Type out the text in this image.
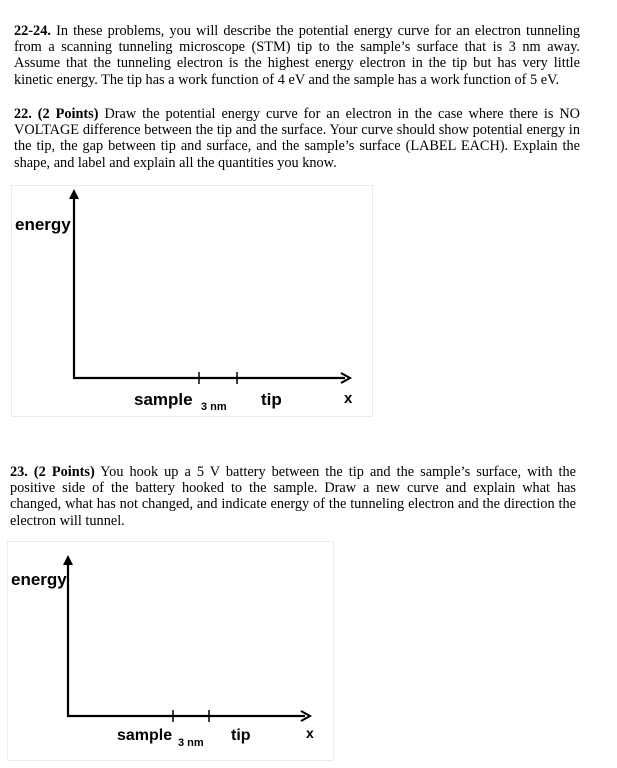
22-24. In these problems, you will describe the potential energy curve for an electron tunneling from a scanning tunneling microscope (STM) tip to the sample’s surface that is 3 nm away. Assume that the tunneling electron is the highest energy electron in the tip but has very little kinetic energy. The tip has a work function of 4 eV and the sample has a work function of 5 eV.
22. (2 Points) Draw the potential energy curve for an electron in the case where there is NO VOLTAGE difference between the tip and the surface. Your curve should show potential energy in the tip, the gap between tip and surface, and the sample’s surface (LABEL EACH). Explain the shape, and label and explain all the quantities you know.
energy
sample 3 nm tip	x
23. (2 Points) You hook up a 5 V battery between the tip and the sample’s surface, with the positive side of the battery hooked to the sample. Draw a new curve and explain what has changed, what has not changed, and indicate energy of the tunneling electron and the direction the electron will tunnel.
energy
sample 3 nm tip	x
